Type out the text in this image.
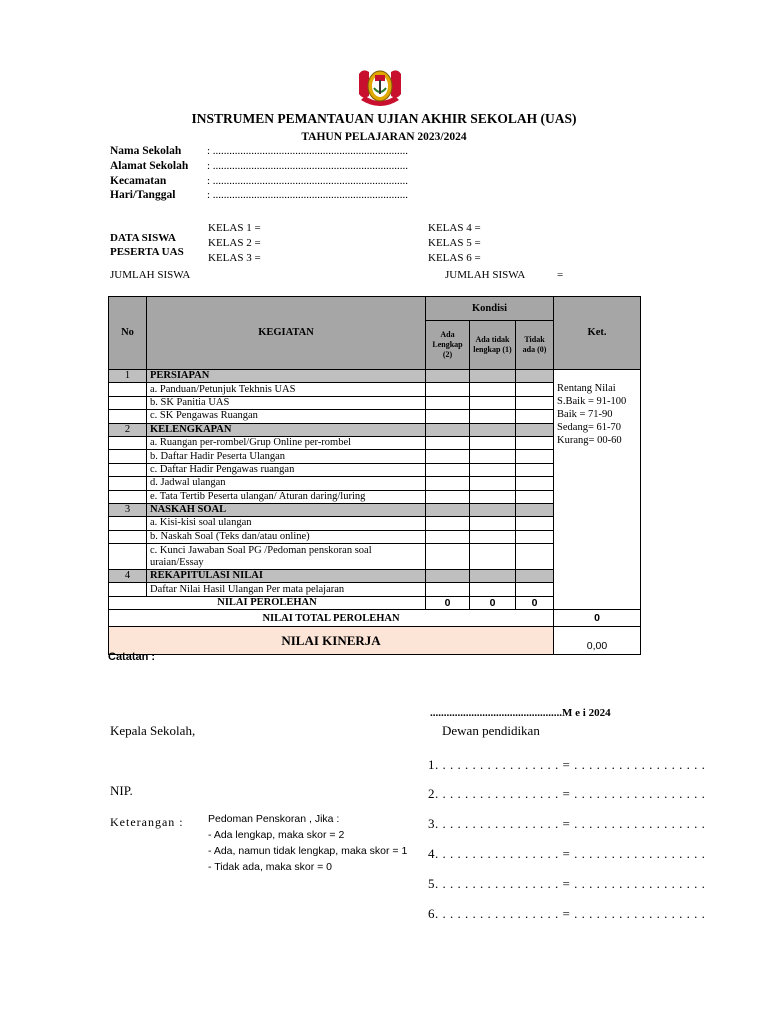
INSTRUMEN PEMANTAUAN UJIAN AKHIR SEKOLAH (UAS)
TAHUN PELAJARAN 2023/2024
Nama Sekolah : .......................................................................
Alamat Sekolah : .......................................................................
Kecamatan	: .......................................................................
Hari/Tanggal	: .......................................................................
DATA SISWA
PESERTA UAS
KELAS 1 =
KELAS 2 =
KELAS 3 =
KELAS 4 =
KELAS 5 =
KELAS 6 =
JUMLAH SISWA	JUMLAH SISWA	=
No	KEGIATAN	Kondisi			Ket.
		Ada Lengkap (2)	Ada tidak lengkap (1)	Tidak ada (0)	
1	PERSIAPAN				Rentang Nilai
S.Baik = 91-100
Baik = 71-90
Sedang= 61-70
Kurang= 00-60

	a. Panduan/Petunjuk Tekhnis UAS				
	b. SK Panitia UAS				
	c. SK Pengawas Ruangan				
2	KELENGKAPAN				
	a. Ruangan per-rombel/Grup Online per-rombel				
	b. Daftar Hadir Peserta Ulangan				
	c. Daftar Hadir Pengawas ruangan				
	d. Jadwal ulangan				
	e. Tata Tertib Peserta ulangan/ Aturan daring/luring				
3	NASKAH SOAL				
	a. Kisi-kisi soal ulangan				
	b. Naskah Soal (Teks dan/atau online)				
	c. Kunci Jawaban Soal PG /Pedoman penskoran soal uraian/Essay				
4	REKAPITULASI NILAI				
	Daftar Nilai Hasil Ulangan Per mata pelajaran				
NILAI PEROLEHAN		0	0	0	
NILAI TOTAL PEROLEHAN	0
NILAI KINERJA	0,00
Catatan :
................................................M e i 2024
Kepala Sekolah,	Dewan pendidikan
NIP.
Keterangan : Pedoman Penskoran , Jika :
- Ada lengkap, maka skor = 2
- Ada, namun tidak lengkap, maka skor = 1
- Tidak ada, maka skor = 0
1. . . . . . . . . . . . . . . . . = . . . . . . . . . . . . . . . . . .
2. . . . . . . . . . . . . . . . . = . . . . . . . . . . . . . . . . . .
3. . . . . . . . . . . . . . . . . = . . . . . . . . . . . . . . . . . .
4. . . . . . . . . . . . . . . . . = . . . . . . . . . . . . . . . . . .
5. . . . . . . . . . . . . . . . . = . . . . . . . . . . . . . . . . . .
6. . . . . . . . . . . . . . . . . = . . . . . . . . . . . . . . . . . .
